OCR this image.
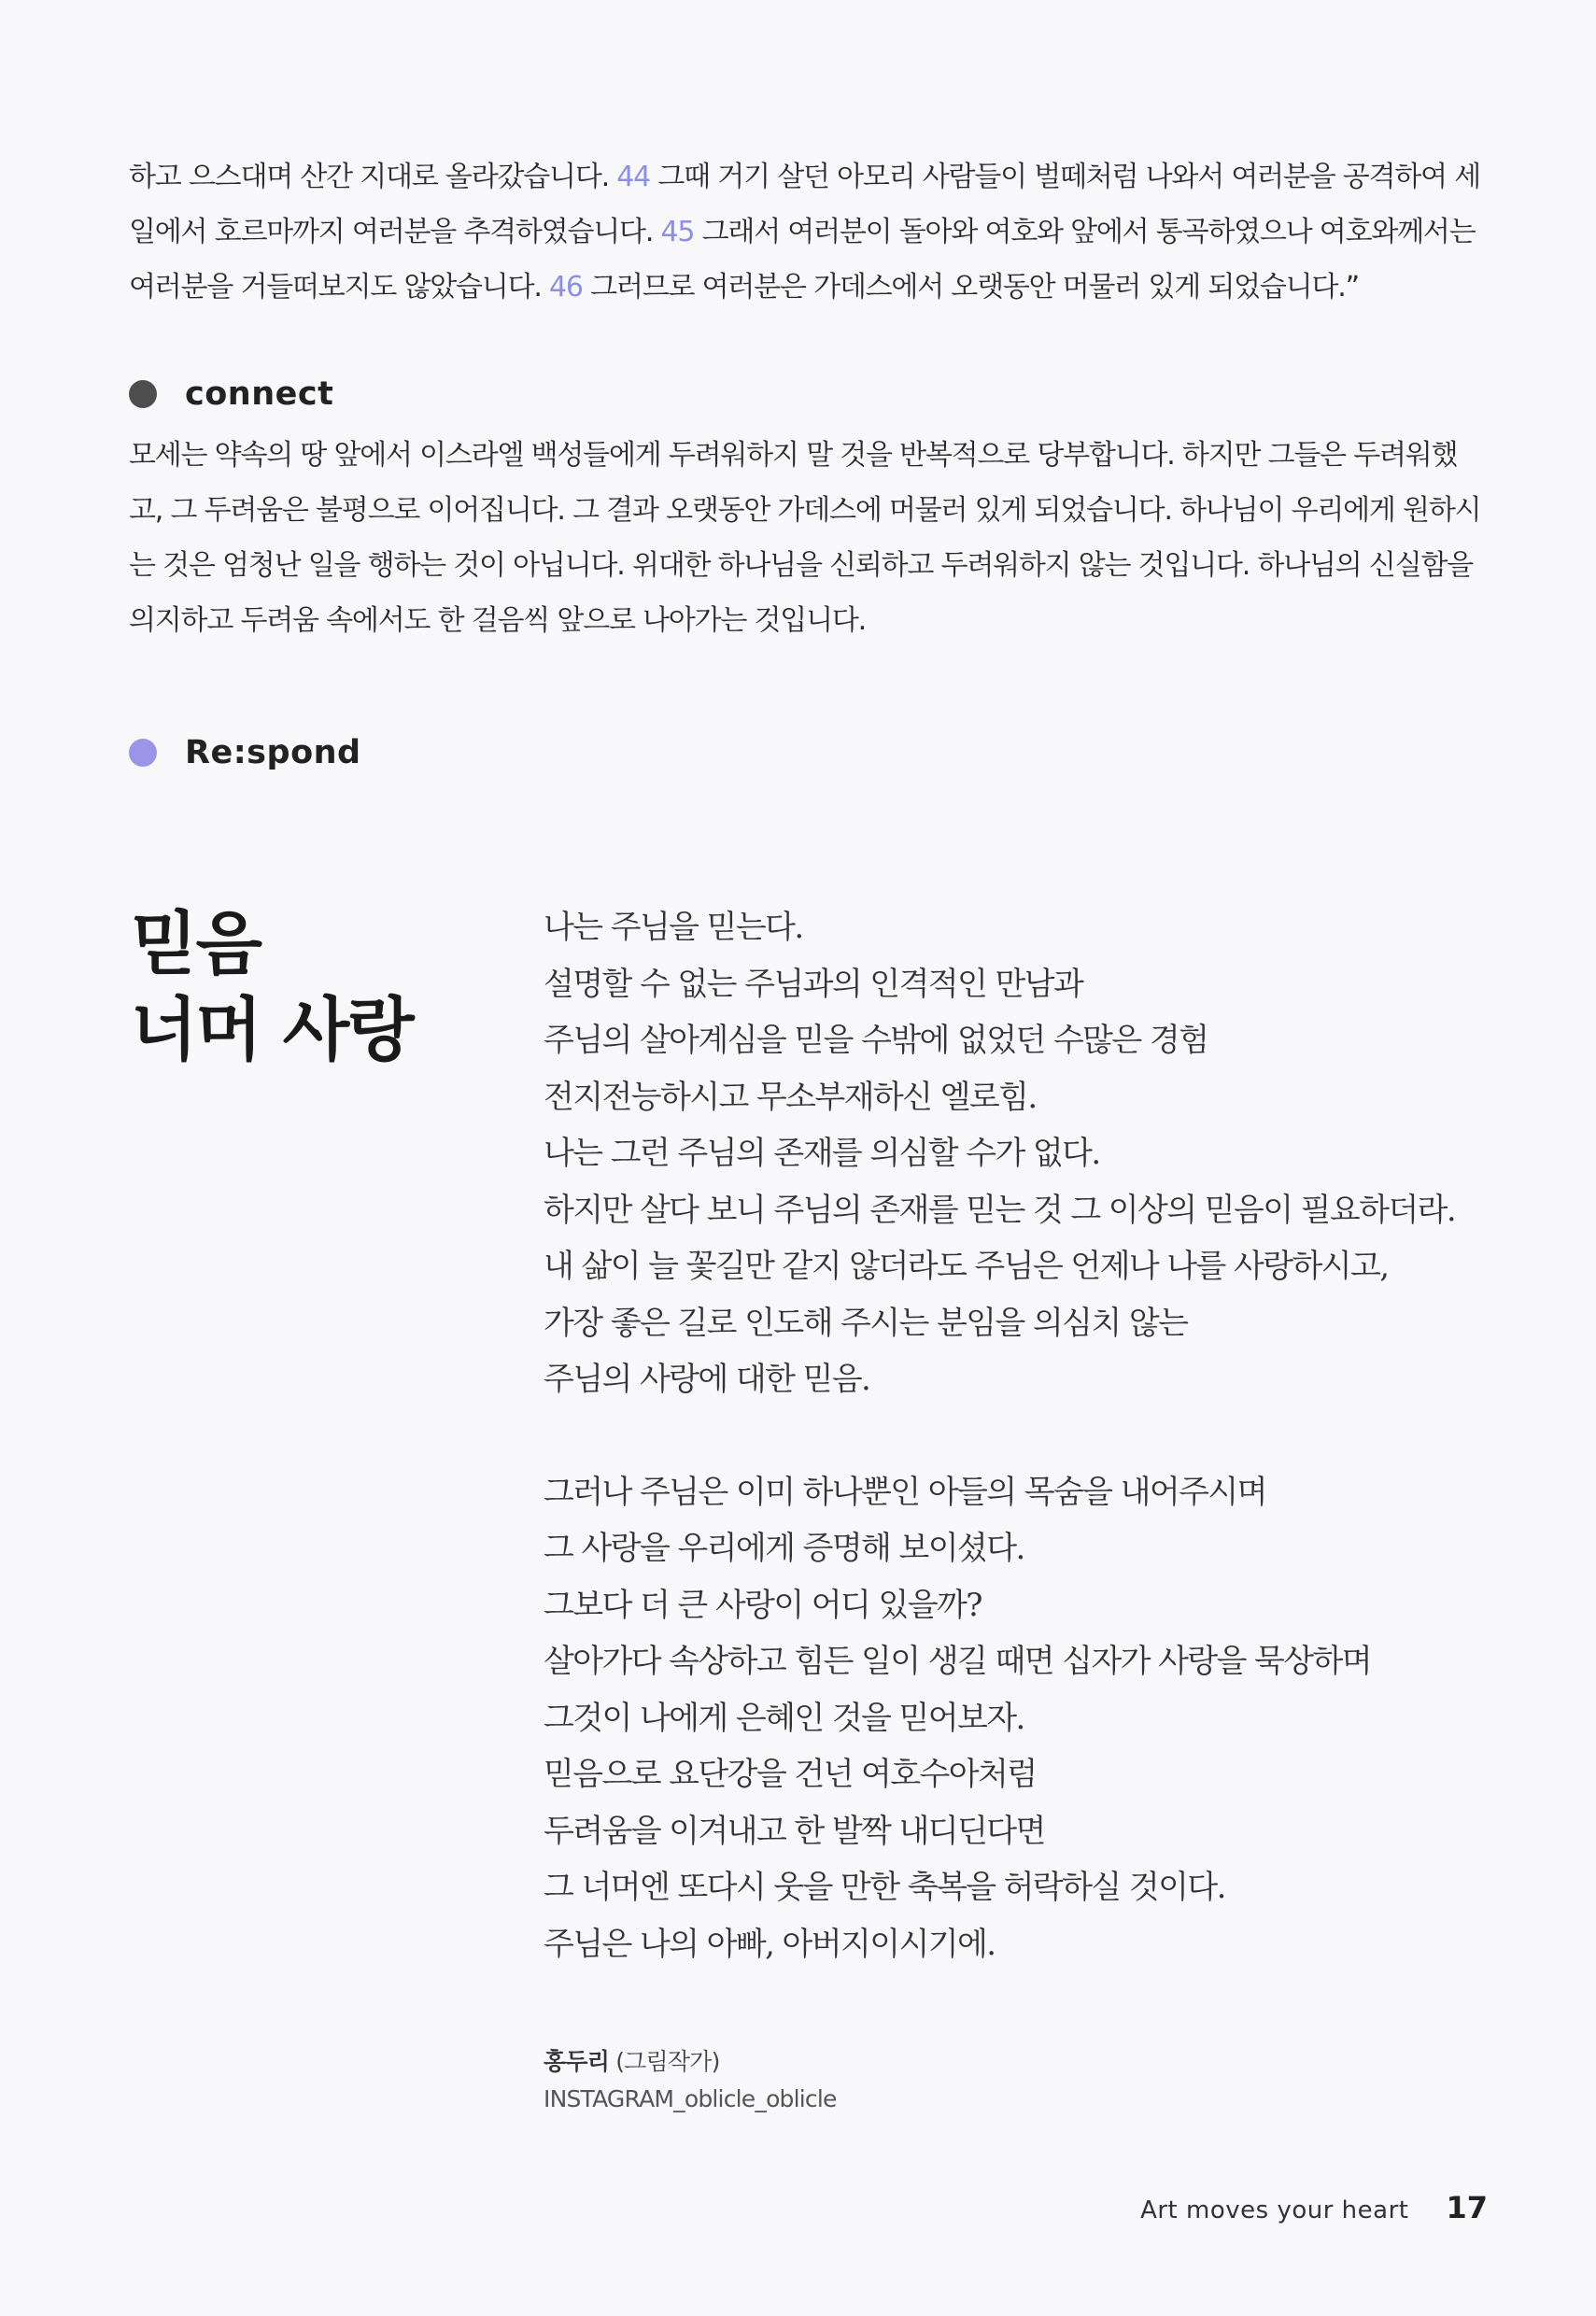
하고 으스대며 산간 지대로 올라갔습니다. 44 그때 거기 살던 아모리 사람들이 벌떼처럼 나와서 여러분을 공격하여 세일에서 호르마까지 여러분을 추격하였습니다. 45 그래서 여러분이 돌아와 여호와 앞에서 통곡하였으나 여호와께서는 여러분을 거들떠보지도 않았습니다. 46 그러므로 여러분은 가데스에서 오랫동안 머물러 있게 되었습니다.”

connect

모세는 약속의 땅 앞에서 이스라엘 백성들에게 두려워하지 말 것을 반복적으로 당부합니다. 하지만 그들은 두려워했고, 그 두려움은 불평으로 이어집니다. 그 결과 오랫동안 가데스에 머물러 있게 되었습니다. 하나님이 우리에게 원하시는 것은 엄청난 일을 행하는 것이 아닙니다. 위대한 하나님을 신뢰하고 두려워하지 않는 것입니다. 하나님의 신실함을 의지하고 두려움 속에서도 한 걸음씩 앞으로 나아가는 것입니다.

Re:spond
믿음
너머 사랑
나는 주님을 믿는다.
설명할 수 없는 주님과의 인격적인 만남과
주님의 살아계심을 믿을 수밖에 없었던 수많은 경험
전지전능하시고 무소부재하신 엘로힘.
나는 그런 주님의 존재를 의심할 수가 없다.
하지만 살다 보니 주님의 존재를 믿는 것 그 이상의 믿음이 필요하더라.
내 삶이 늘 꽃길만 같지 않더라도 주님은 언제나 나를 사랑하시고,
가장 좋은 길로 인도해 주시는 분임을 의심치 않는
주님의 사랑에 대한 믿음.
그러나 주님은 이미 하나뿐인 아들의 목숨을 내어주시며
그 사랑을 우리에게 증명해 보이셨다.
그보다 더 큰 사랑이 어디 있을까?
살아가다 속상하고 힘든 일이 생길 때면 십자가 사랑을 묵상하며
그것이 나에게 은혜인 것을 믿어보자.
믿음으로 요단강을 건넌 여호수아처럼
두려움을 이겨내고 한 발짝 내디딘다면
그 너머엔 또다시 웃을 만한 축복을 허락하실 것이다.
주님은 나의 아빠, 아버지이시기에.
홍두리 (그림작가)
INSTAGRAM_oblicle_oblicle
Art moves your heart 17
